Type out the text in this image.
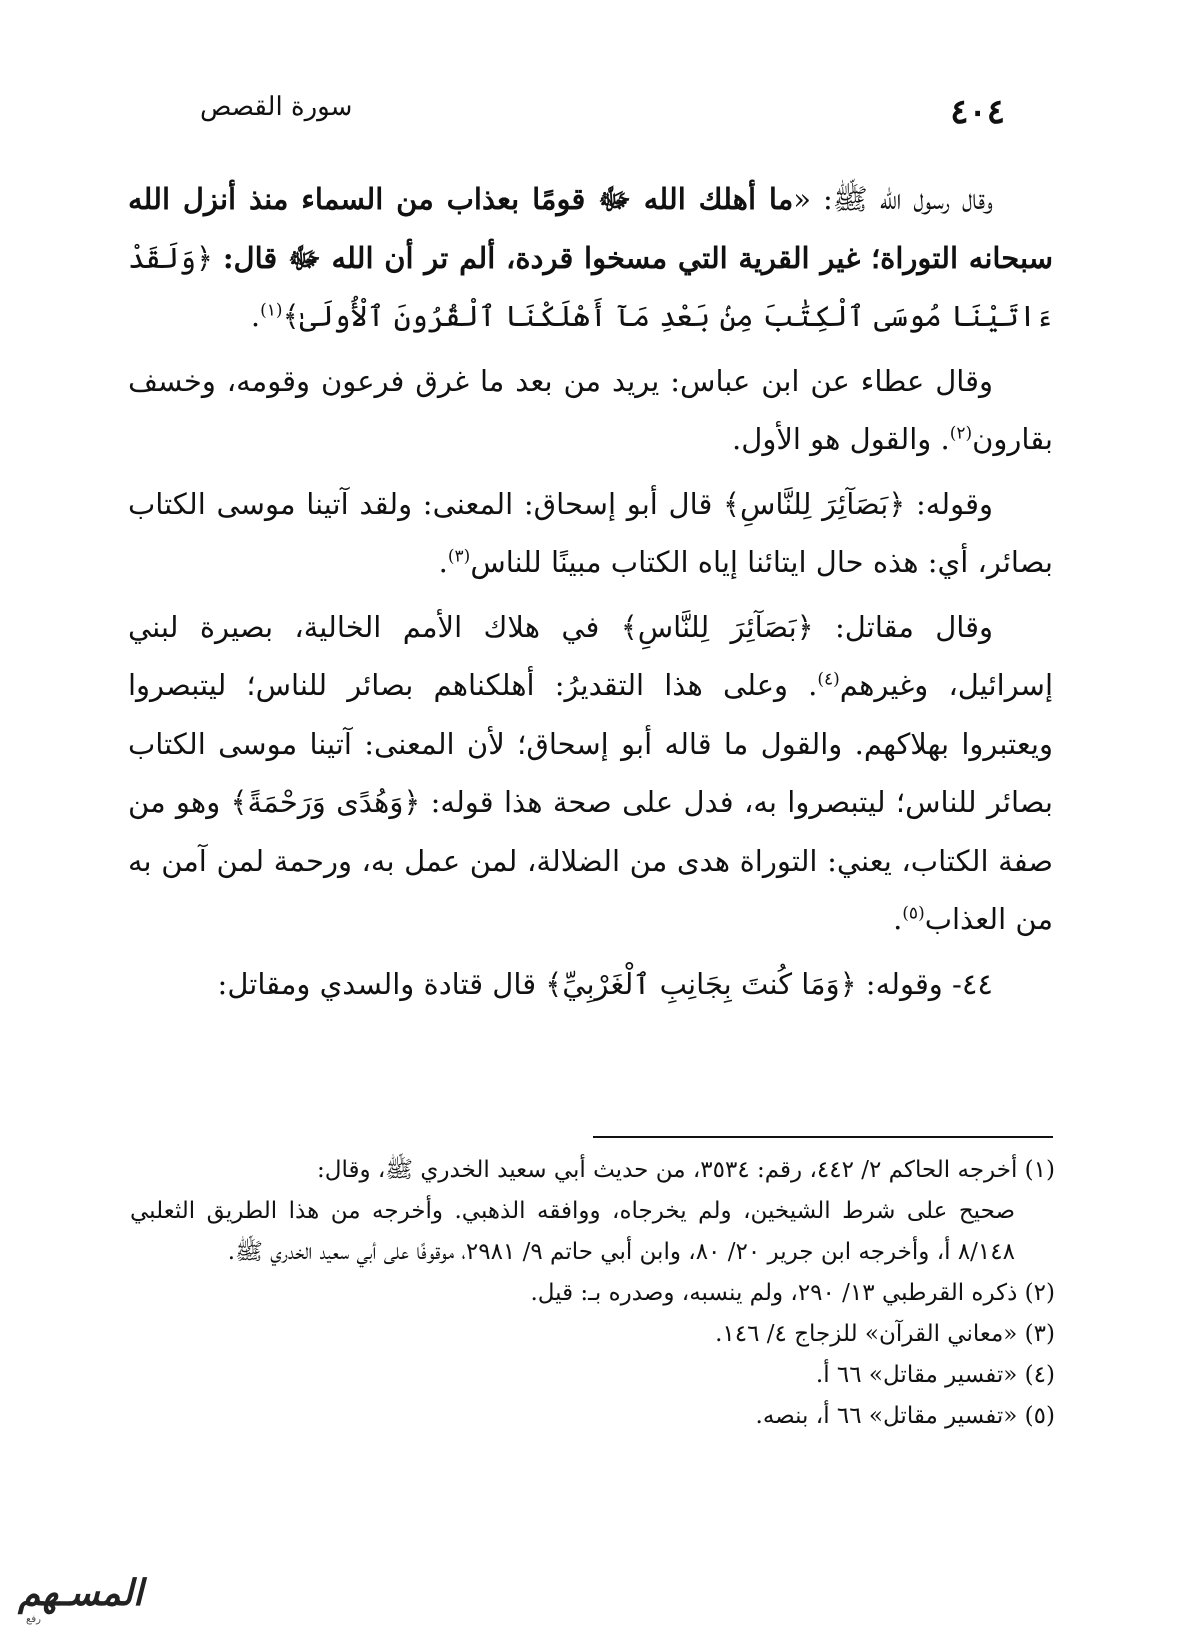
٤٠٤
سورة القصص

وقال رسول الله ﷺ: «ما أهلك الله ﷻ قومًا بعذاب من السماء منذ أنزل الله سبحانه التوراة؛ غير القرية التي مسخوا قردة، ألم تر أن الله ﷻ قال: ﴿وَلَقَدْ ءَاتَيْنَا مُوسَى ٱلْكِتَٰبَ مِنۢ بَعْدِ مَآ أَهْلَكْنَا ٱلْقُرُونَ ٱلْأُولَىٰ﴾$^{(١)}$.

وقال عطاء عن ابن عباس: يريد من بعد ما غرق فرعون وقومه، وخسف بقارون$^{(٢)}$. والقول هو الأول.

وقوله: ﴿بَصَآئِرَ لِلنَّاسِ﴾ قال أبو إسحاق: المعنى: ولقد آتينا موسى الكتاب بصائر، أي: هذه حال ايتائنا إياه الكتاب مبينًا للناس$^{(٣)}$.

وقال مقاتل: ﴿بَصَآئِرَ لِلنَّاسِ﴾ في هلاك الأمم الخالية، بصيرة لبني إسرائيل، وغيرهم$^{(٤)}$. وعلى هذا التقديرُ: أهلكناهم بصائر للناس؛ ليتبصروا ويعتبروا بهلاكهم. والقول ما قاله أبو إسحاق؛ لأن المعنى: آتينا موسى الكتاب بصائر للناس؛ ليتبصروا به، فدل على صحة هذا قوله: ﴿وَهُدًى وَرَحْمَةً﴾ وهو من صفة الكتاب، يعني: التوراة هدى من الضلالة، لمن عمل به، ورحمة لمن آمن به من العذاب$^{(٥)}$.

٤٤- وقوله: ﴿وَمَا كُنتَ بِجَانِبِ ٱلْغَرْبِيِّ﴾ قال قتادة والسدي ومقاتل:

(١) أخرجه الحاكم ٢/ ٤٤٢، رقم: ٣٥٣٤، من حديث أبي سعيد الخدري ﷺ، وقال:
صحيح على شرط الشيخين، ولم يخرجاه، ووافقه الذهبي. وأخرجه من هذا الطريق الثعلبي ٨/١٤٨ أ، وأخرجه ابن جرير ٢٠/ ٨٠، وابن أبي حاتم ٩/ ٢٩٨١، موقوفًا على أبي سعيد الخدري ﷺ.
(٢) ذكره القرطبي ١٣/ ٢٩٠، ولم ينسبه، وصدره بـ: قيل.
(٣) «معاني القرآن» للزجاج ٤/ ١٤٦.
(٤) «تفسير مقاتل» ٦٦ أ.
(٥) «تفسير مقاتل» ٦٦ أ، بنصه.
المسـهم
رفع
